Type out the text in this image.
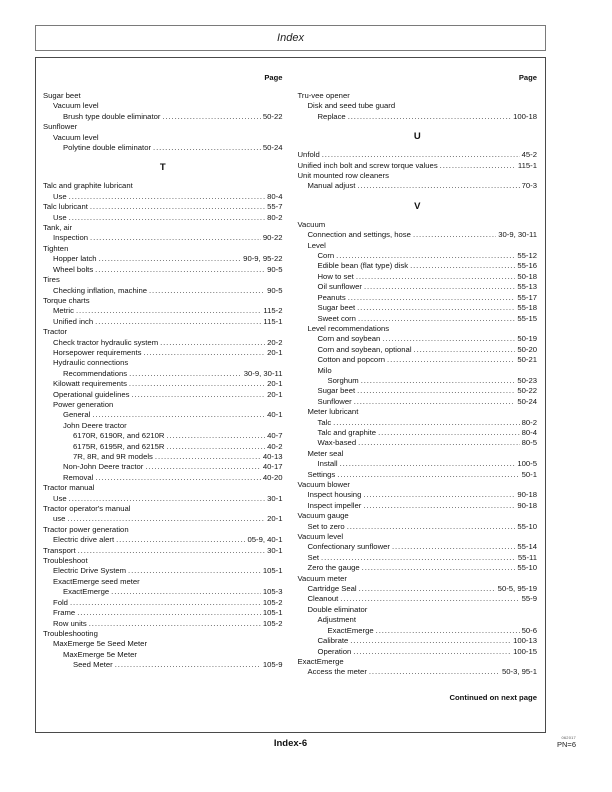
Index
Page
Sugar beet
Vacuum level
Brush type double eliminator .....	50-22
Sunflower
Vacuum level
Polytine double eliminator .....	50-24
T
Talc and graphite lubricant
Use .....	80-4
Talc lubricant .....	55-7
Use .....	80-2
Tank, air
Inspection .....	90-22
Tighten
Hopper latch .....	90-9, 95-22
Wheel bolts .....	90-5
Tires
Checking inflation, machine .....	90-5
Torque charts
Metric .....	115-2
Unified inch .....	115-1
Tractor
Check tractor hydraulic system .....	20-2
Horsepower requirements .....	20-1
Hydraulic connections
Recommendations .....	30-9, 30-11
Kilowatt requirements .....	20-1
Operational guidelines .....	20-1
Power generation
General .....	40-1
John Deere tractor
6170R, 6190R, and 6210R .....	40-7
6175R, 6195R, and 6215R .....	40-2
7R, 8R, and 9R models .....	40-13
Non-John Deere tractor .....	40-17
Removal .....	40-20
Tractor manual
Use .....	30-1
Tractor operator's manual
use .....	20-1
Tractor power generation
Electric drive alert .....	05-9, 40-1
Transport .....	30-1
Troubleshoot
Electric Drive System .....	105-1
ExactEmerge seed meter
ExactEmerge .....	105-3
Fold .....	105-2
Frame .....	105-1
Row units .....	105-2
Troubleshooting
MaxEmerge 5e Seed Meter
MaxEmerge 5e Meter
Seed Meter .....	105-9
Page
Tru-vee opener
Disk and seed tube guard
Replace .....	100-18
U
Unfold .....	45-2
Unified inch bolt and screw torque values .....	115-1
Unit mounted row cleaners
Manual adjust .....	70-3
V
Vacuum
Connection and settings, hose .....	30-9, 30-11
Level
Corn .....	55-12
Edible bean (flat type) disk .....	55-16
How to set .....	50-18
Oil sunflower .....	55-13
Peanuts .....	55-17
Sugar beet .....	55-18
Sweet corn .....	55-15
Level recommendations
Corn and soybean .....	50-19
Corn and soybean, optional .....	50-20
Cotton and popcorn .....	50-21
Milo
Sorghum .....	50-23
Sugar beet .....	50-22
Sunflower .....	50-24
Meter lubricant
Talc .....	80-2
Talc and graphite .....	80-4
Wax-based .....	80-5
Meter seal
Install .....	100-5
Settings .....	50-1
Vacuum blower
Inspect housing .....	90-18
Inspect impeller .....	90-18
Vacuum gauge
Set to zero .....	55-10
Vacuum level
Confectionary sunflower .....	55-14
Set .....	55-11
Zero the gauge .....	55-10
Vacuum meter
Cartridge Seal .....	50-5, 95-19
Cleanout .....	55-9
Double eliminator
Adjustment
ExactEmerge .....	50-6
Calibrate .....	100-13
Operation .....	100-15
ExactEmerge
Access the meter .....	50-3, 95-1
Continued on next page
Index-6
062017
PN=6
